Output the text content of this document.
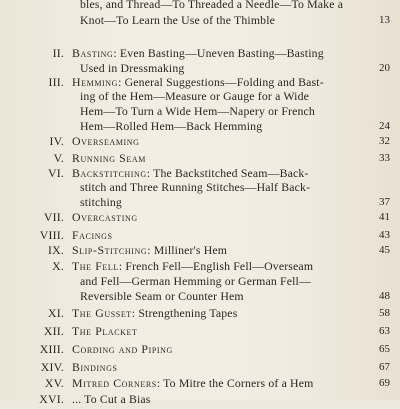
bles, and Thread—To Threaded a Needle—To Make a
Knot—To Learn the Use of the Thimble	13
II. Basting: Even Basting—Uneven Basting—Basting
Used in Dressmaking	20
III. Hemming: General Suggestions—Folding and Bast-
ing of the Hem—Measure or Gauge for a Wide
Hem—To Turn a Wide Hem—Napery or French
Hem—Rolled Hem—Back Hemming	24
IV. Overseaming	32
V. Running Seam	33
VI. Backstitching: The Backstitched Seam—Back-
stitch and Three Running Stitches—Half Back-
stitching	37
VII. Overcasting	41
VIII. Facings	43
IX. Slip-Stitching: Milliner's Hem	45
X. The Fell: French Fell—English Fell—Overseam
and Fell—German Hemming or German Fell—
Reversible Seam or Counter Hem	48
XI. The Gusset: Strengthening Tapes	58
XII. The Placket	63
XIII. Cording and Piping	65
XIV. Bindings	67
XV. Mitred Corners: To Mitre the Corners of a Hem	69
XVI. ... To Cut a Bias
